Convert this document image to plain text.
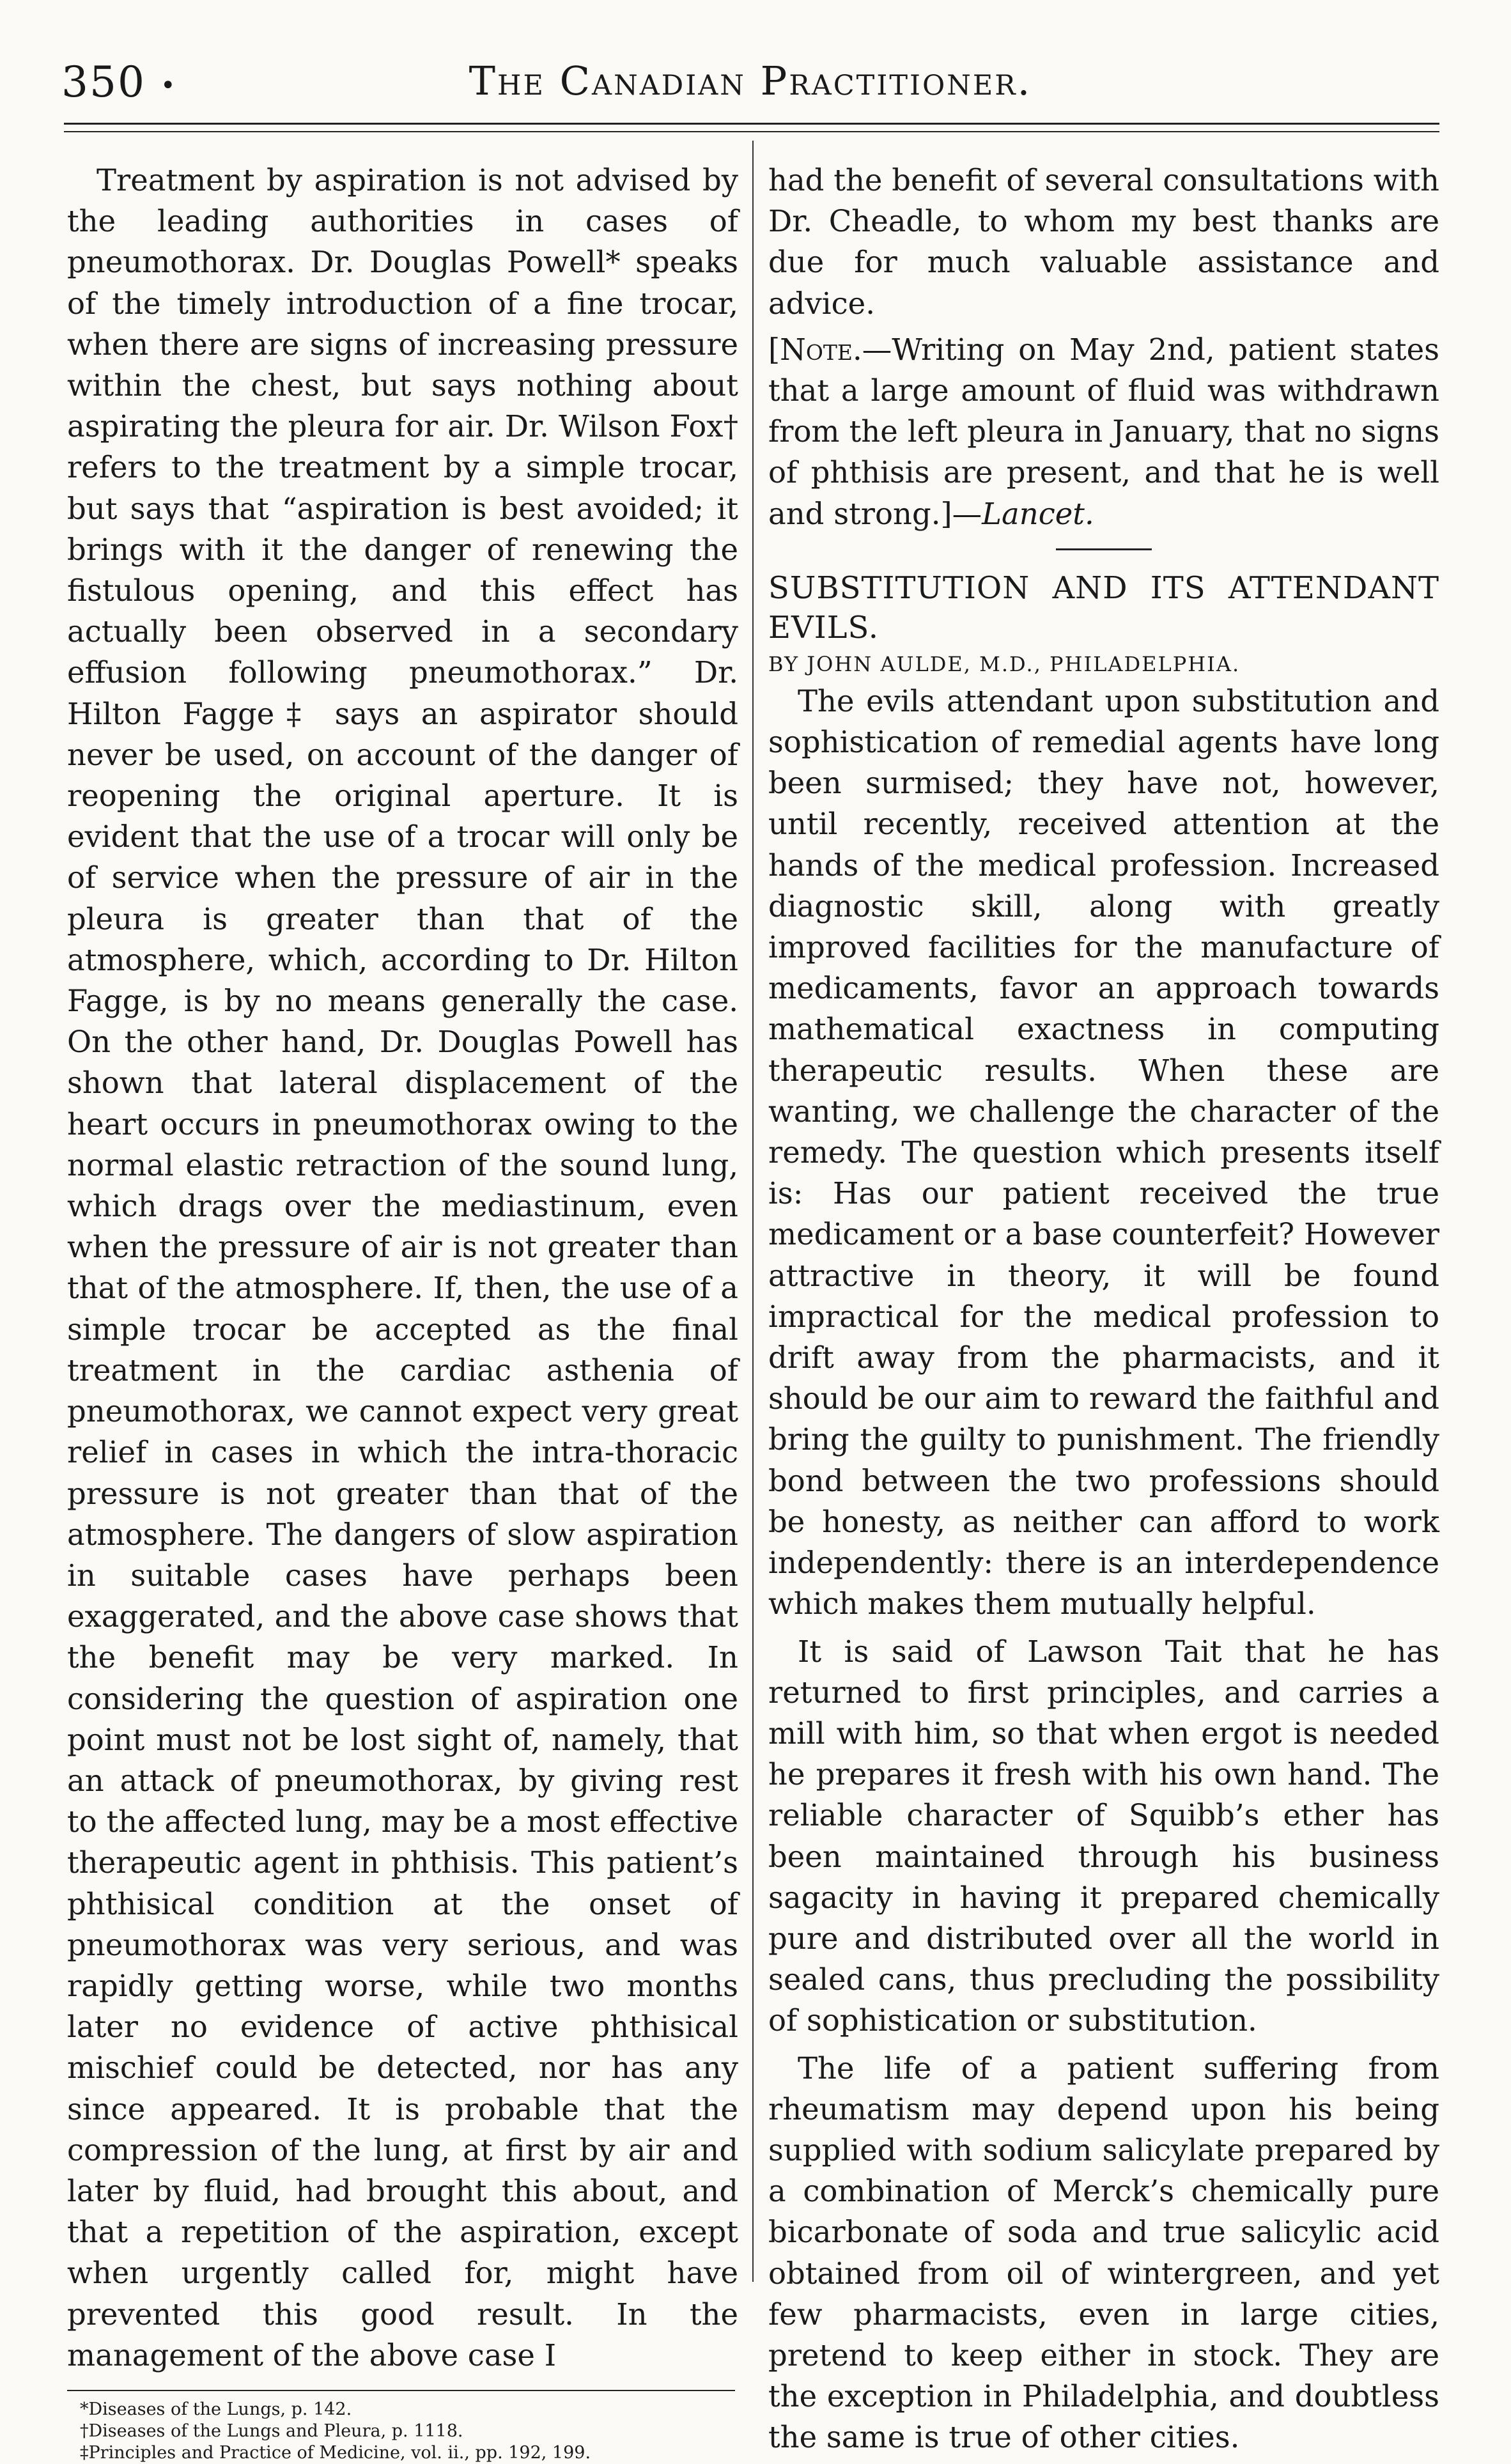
350 •	The Canadian Practitioner.

Treatment by aspiration is not advised by the leading authorities in cases of pneumothorax. Dr. Douglas Powell* speaks of the timely introduction of a fine trocar, when there are signs of increasing pressure within the chest, but says nothing about aspirating the pleura for air. Dr. Wilson Fox† refers to the treatment by a simple trocar, but says that “aspiration is best avoided; it brings with it the danger of renewing the fistulous opening, and this effect has actually been observed in a secondary effusion following pneumothorax.” Dr. Hilton Fagge‡ says an aspirator should never be used, on account of the danger of reopening the original aperture. It is evident that the use of a trocar will only be of service when the pressure of air in the pleura is greater than that of the atmosphere, which, according to Dr. Hilton Fagge, is by no means generally the case. On the other hand, Dr. Douglas Powell has shown that lateral displacement of the heart occurs in pneumothorax owing to the normal elastic retraction of the sound lung, which drags over the mediastinum, even when the pressure of air is not greater than that of the atmosphere. If, then, the use of a simple trocar be accepted as the final treatment in the cardiac asthenia of pneumothorax, we cannot expect very great relief in cases in which the intra-thoracic pressure is not greater than that of the atmosphere. The dangers of slow aspiration in suitable cases have perhaps been exaggerated, and the above case shows that the benefit may be very marked. In considering the question of aspiration one point must not be lost sight of, namely, that an attack of pneumothorax, by giving rest to the affected lung, may be a most effective therapeutic agent in phthisis. This patient’s phthisical condition at the onset of pneumothorax was very serious, and was rapidly getting worse, while two months later no evidence of active phthisical mischief could be detected, nor has any since appeared. It is probable that the compression of the lung, at first by air and later by fluid, had brought this about, and that a repetition of the aspiration, except when urgently called for, might have prevented this good result. In the management of the above case I

*Diseases of the Lungs, p. 142.
†Diseases of the Lungs and Pleura, p. 1118.
‡Principles and Practice of Medicine, vol. ii., pp. 192, 199.

had the benefit of several consultations with Dr. Cheadle, to whom my best thanks are due for much valuable assistance and advice.

[Note.—Writing on May 2nd, patient states that a large amount of fluid was withdrawn from the left pleura in January, that no signs of phthisis are present, and that he is well and strong.]—Lancet.

SUBSTITUTION AND ITS ATTENDANT EVILS.

BY JOHN AULDE, M.D., PHILADELPHIA.

The evils attendant upon substitution and sophistication of remedial agents have long been surmised; they have not, however, until recently, received attention at the hands of the medical profession. Increased diagnostic skill, along with greatly improved facilities for the manufacture of medicaments, favor an approach towards mathematical exactness in computing therapeutic results. When these are wanting, we challenge the character of the remedy. The question which presents itself is: Has our patient received the true medicament or a base counterfeit? However attractive in theory, it will be found impractical for the medical profession to drift away from the pharmacists, and it should be our aim to reward the faithful and bring the guilty to punishment. The friendly bond between the two professions should be honesty, as neither can afford to work independently: there is an interdependence which makes them mutually helpful.

It is said of Lawson Tait that he has returned to first principles, and carries a mill with him, so that when ergot is needed he prepares it fresh with his own hand. The reliable character of Squibb’s ether has been maintained through his business sagacity in having it prepared chemically pure and distributed over all the world in sealed cans, thus precluding the possibility of sophistication or substitution.

The life of a patient suffering from rheumatism may depend upon his being supplied with sodium salicylate prepared by a combination of Merck’s chemically pure bicarbonate of soda and true salicylic acid obtained from oil of wintergreen, and yet few pharmacists, even in large cities, pretend to keep either in stock. They are the exception in Philadelphia, and doubtless the same is true of other cities.
